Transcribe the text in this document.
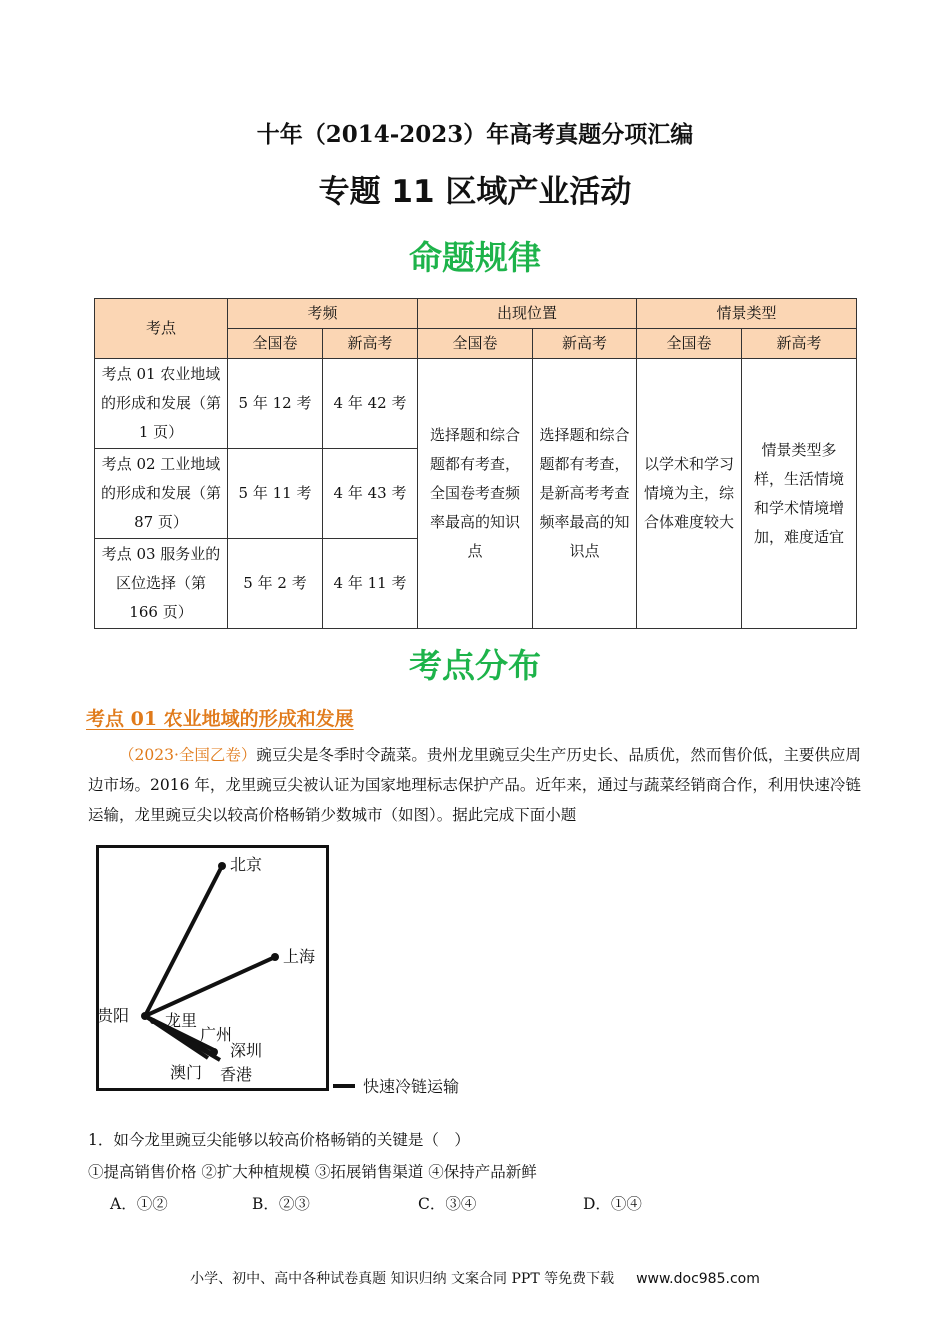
十年（2014-2023）年高考真题分项汇编
专题 11 区域产业活动
命题规律
考点	考频		出现位置		情景类型	
	全国卷	新高考	全国卷	新高考	全国卷	新高考
考点 01 农业地域的形成和发展（第 1 页）	5 年 12 考	4 年 42 考	选择题和综合题都有考查，全国卷考查频率最高的知识点	选择题和综合题都有考查，是新高考考查频率最高的知识点	以学术和学习情境为主，综合体难度较大	情景类型多样，生活情境和学术情境增加，难度适宜
考点 02 工业地域的形成和发展（第 87 页）	5 年 11 考	4 年 43 考				
考点 03 服务业的区位选择（第 166 页）	5 年 2 考	4 年 11 考				
考点分布
考点 01 农业地域的形成和发展
（2023·全国乙卷）豌豆尖是冬季时令蔬菜。贵州龙里豌豆尖生产历史长、品质优，然而售价低，主要供应周边市场。2016 年，龙里豌豆尖被认证为国家地理标志保护产品。近年来，通过与蔬菜经销商合作，利用快速冷链运输，龙里豌豆尖以较高价格畅销少数城市（如图）。据此完成下面小题
北京
上海
贵阳 龙里
广州
深圳
澳门 香港
快速冷链运输
1．如今龙里豌豆尖能够以较高价格畅销的关键是（　）
①提高销售价格 ②扩大种植规模 ③拓展销售渠道 ④保持产品新鲜
A．①②	B．②③	C．③④	D．①④
小学、初中、高中各种试卷真题 知识归纳 文案合同 PPT 等免费下载 www.doc985.com
